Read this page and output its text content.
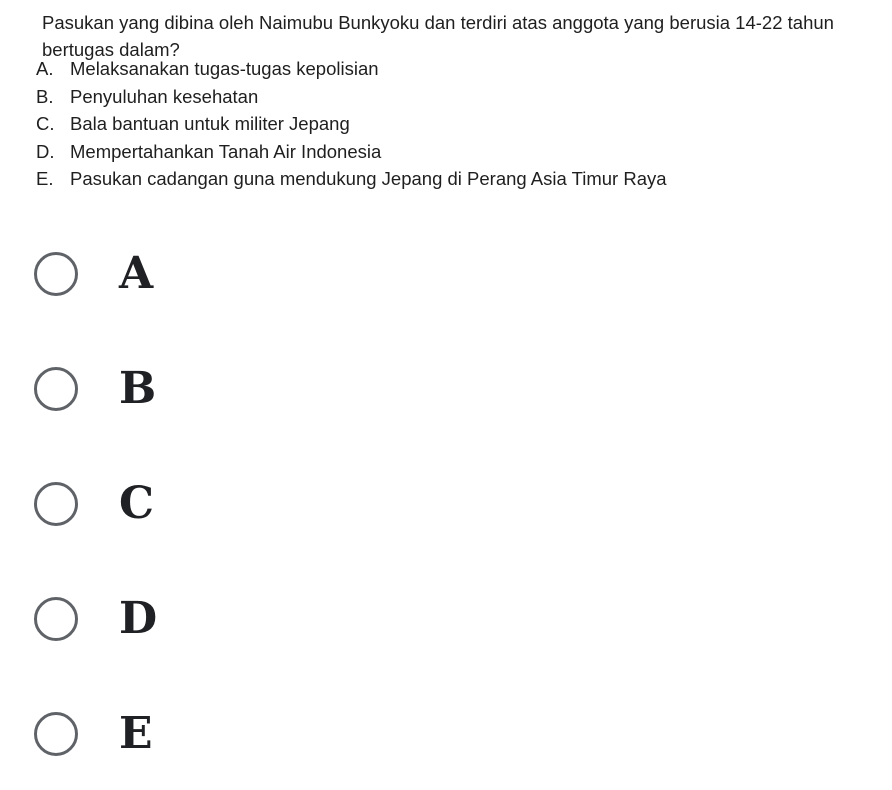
Pasukan yang dibina oleh Naimubu Bunkyoku dan terdiri atas anggota yang berusia 14-22 tahun bertugas dalam?

A. Melaksanakan tugas-tugas kepolisian
B. Penyuluhan kesehatan
C. Bala bantuan untuk militer Jepang
D. Mempertahankan Tanah Air Indonesia
E. Pasukan cadangan guna mendukung Jepang di Perang Asia Timur Raya
A
B
C
D
E
